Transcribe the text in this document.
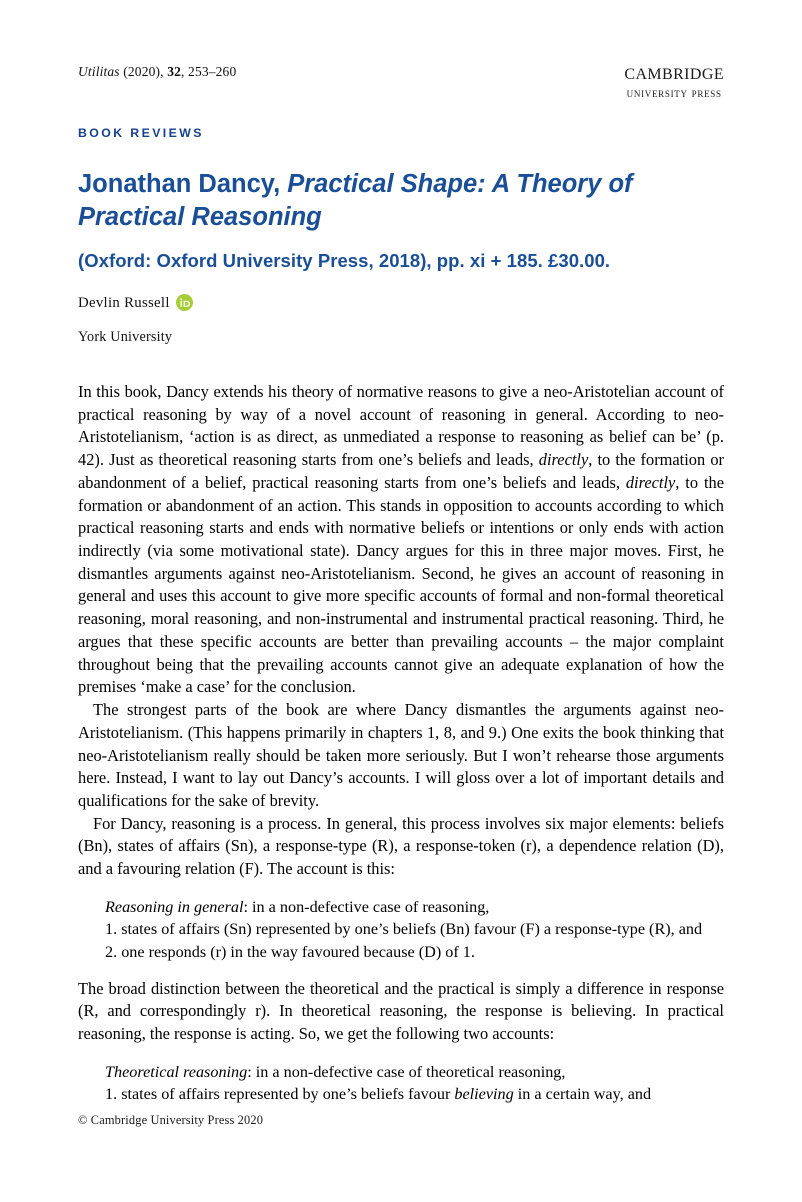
Utilitas (2020), 32, 253–260	cambridge
university press
BOOK REVIEWS
Jonathan Dancy, Practical Shape: A Theory of Practical Reasoning
(Oxford: Oxford University Press, 2018), pp. xi + 185. £30.00.
Devlin Russell
York University

In this book, Dancy extends his theory of normative reasons to give a neo-Aristotelian account of practical reasoning by way of a novel account of reasoning in general. According to neo-Aristotelianism, ‘action is as direct, as unmediated a response to reasoning as belief can be’ (p. 42). Just as theoretical reasoning starts from one’s beliefs and leads, directly, to the formation or abandonment of a belief, practical reasoning starts from one’s beliefs and leads, directly, to the formation or abandonment of an action. This stands in opposition to accounts according to which practical reasoning starts and ends with normative beliefs or intentions or only ends with action indirectly (via some motivational state). Dancy argues for this in three major moves. First, he dismantles arguments against neo-Aristotelianism. Second, he gives an account of reasoning in general and uses this account to give more specific accounts of formal and non-formal theoretical reasoning, moral reasoning, and non-instrumental and instrumental practical reasoning. Third, he argues that these specific accounts are better than prevailing accounts – the major complaint throughout being that the prevailing accounts cannot give an adequate explanation of how the premises ‘make a case’ for the conclusion.

The strongest parts of the book are where Dancy dismantles the arguments against neo-Aristotelianism. (This happens primarily in chapters 1, 8, and 9.) One exits the book thinking that neo-Aristotelianism really should be taken more seriously. But I won’t rehearse those arguments here. Instead, I want to lay out Dancy’s accounts. I will gloss over a lot of important details and qualifications for the sake of brevity.

For Dancy, reasoning is a process. In general, this process involves six major elements: beliefs (Bn), states of affairs (Sn), a response-type (R), a response-token (r), a dependence relation (D), and a favouring relation (F). The account is this:

Reasoning in general: in a non-defective case of reasoning,

1. states of affairs (Sn) represented by one’s beliefs (Bn) favour (F) a response-type (R), and

2. one responds (r) in the way favoured because (D) of 1.

The broad distinction between the theoretical and the practical is simply a difference in response (R, and correspondingly r). In theoretical reasoning, the response is believing. In practical reasoning, the response is acting. So, we get the following two accounts:

Theoretical reasoning: in a non-defective case of theoretical reasoning,

1. states of affairs represented by one’s beliefs favour believing in a certain way, and

© Cambridge University Press 2020
